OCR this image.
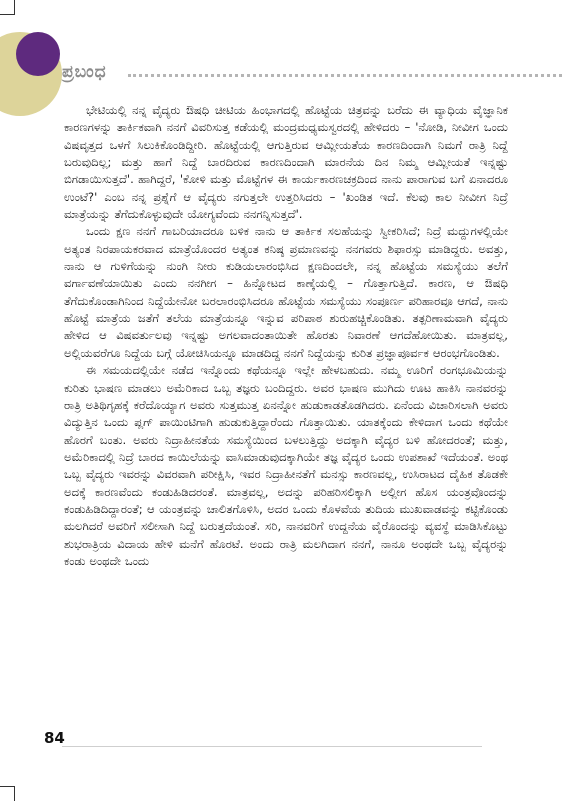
ಪ್ರಬಂಧ

ಭೇಟಿಯಲ್ಲಿ ನನ್ನ ವೈದ್ಯರು ಔಷಧಿ ಚೀಟಿಯ ಹಿಂಭಾಗದಲ್ಲಿ ಹೊಟ್ಟೆಯ ಚಿತ್ರವನ್ನು ಬರೆದು ಈ ವ್ಯಾಧಿಯ ವೈಜ್ಞಾನಿಕ ಕಾರಣಗಳನ್ನು ತಾರ್ಕಿಕವಾಗಿ ನನಗೆ ವಿವರಿಸುತ್ತ ಕಡೆಯಲ್ಲಿ ಮಂದ್ರಮಧ್ಯಮಸ್ವರದಲ್ಲಿ ಹೇಳಿದರು – 'ನೋಡಿ, ನೀವೀಗ ಒಂದು ವಿಷವೃತ್ತದ ಒಳಗೆ ಸಿಲುಕಿಕೊಂಡಿದ್ದೀರಿ. ಹೊಟ್ಟೆಯಲ್ಲಿ ಆಗುತ್ತಿರುವ ಆಮ್ಲೀಯತೆಯ ಕಾರಣದಿಂದಾಗಿ ನಿಮಗೆ ರಾತ್ರಿ ನಿದ್ದೆ ಬರುವುದಿಲ್ಲ; ಮತ್ತು ಹಾಗೆ ನಿದ್ದೆ ಬಾರದಿರುವ ಕಾರಣದಿಂದಾಗಿ ಮಾರನೆಯ ದಿನ ನಿಮ್ಮ ಆಮ್ಲೀಯತೆ ಇನ್ನಷ್ಟು ಬಿಗಡಾಯಿಸುತ್ತದೆ'. ಹಾಗಿದ್ದರೆ, 'ಕೋಳಿ ಮತ್ತು ಮೊಟ್ಟೆಗಳ ಈ ಕಾರ್ಯಕಾರಣಚಕ್ರದಿಂದ ನಾನು ಪಾರಾಗುವ ಬಗೆ ಏನಾದರೂ ಉಂಟೆ?' ಎಂಬ ನನ್ನ ಪ್ರಶ್ನೆಗೆ ಆ ವೈದ್ಯರು ನಗುತ್ತಲೇ ಉತ್ತರಿಸಿದರು – 'ಖಂಡಿತ ಇದೆ. ಕೆಲವು ಕಾಲ ನೀವೀಗ ನಿದ್ರೆ ಮಾತ್ರೆಯನ್ನು ತೆಗೆದುಕೊಳ್ಳುವುದೇ ಯೋಗ್ಯವೆಂದು ನನಗನ್ನಿಸುತ್ತದೆ'.

ಒಂದು ಕ್ಷಣ ನನಗೆ ಗಾಬರಿಯಾದರೂ ಬಳಿಕ ನಾನು ಆ ತಾರ್ಕಿಕ ಸಲಹೆಯನ್ನು ಸ್ವೀಕರಿಸಿದೆ; ನಿದ್ರೆ ಮದ್ದುಗಳಲ್ಲಿಯೇ ಅತ್ಯಂತ ನಿರಪಾಯಕರವಾದ ಮಾತ್ರೆಯೊಂದರ ಅತ್ಯಂತ ಕನಿಷ್ಠ ಪ್ರಮಾಣವನ್ನು ನನಗವರು ಶಿಫಾರಸ್ಸು ಮಾಡಿದ್ದರು. ಅವತ್ತು, ನಾನು ಆ ಗುಳಿಗೆಯನ್ನು ನುಂಗಿ ನೀರು ಕುಡಿಯಲಾರಂಭಿಸಿದ ಕ್ಷಣದಿಂದಲೇ, ನನ್ನ ಹೊಟ್ಟೆಯ ಸಮಸ್ಯೆಯು ತಲೆಗೆ ವರ್ಗಾವಣೆಯಾಯಿತು ಎಂದು ನನಗೀಗ – ಹಿನ್ನೋಟದ ಕಾಣ್ಕೆಯಲ್ಲಿ – ಗೊತ್ತಾಗುತ್ತಿದೆ. ಕಾರಣ, ಆ ಔಷಧಿ ತೆಗೆದುಕೊಂಡಾಗಿನಿಂದ ನಿದ್ದೆಯೇನೋ ಬರಲಾರಂಭಿಸಿದರೂ ಹೊಟ್ಟೆಯ ಸಮಸ್ಯೆಯು ಸಂಪೂರ್ಣ ಪರಿಹಾರವೂ ಆಗದೆ, ನಾನು ಹೊಟ್ಟೆ ಮಾತ್ರೆಯ ಜತೆಗೆ ತಲೆಯ ಮಾತ್ರೆಯನ್ನೂ ಇನ್ನುವ ಪರಿಪಾಠ ಶುರುಹಚ್ಚಿಕೊಂಡಿತು. ತತ್ಪರಿಣಾಮವಾಗಿ ವೈದ್ಯರು ಹೇಳಿದ ಆ ವಿಷವರ್ತುಲವು ಇನ್ನಷ್ಟು ಅಗಲವಾದಂತಾಯಿತೇ ಹೊರತು ನಿವಾರಣೆ ಆಗದೆಹೋಯಿತು. ಮಾತ್ರವಲ್ಲ, ಅಲ್ಲಿಯವರೆಗೂ ನಿದ್ದೆಯ ಬಗ್ಗೆ ಯೋಚಿಸಿಯನ್ನೂ ಮಾಡದಿದ್ದ ನನಗೆ ನಿದ್ದೆಯನ್ನು ಕುರಿತ ಪ್ರಜ್ಞಾಪೂರ್ವಕ ಆರಂಭಗೊಂಡಿತು.

ಈ ಸಮಯದಲ್ಲಿಯೇ ನಡೆದ ಇನ್ನೊಂದು ಕಥೆಯನ್ನೂ ಇಲ್ಲೇ ಹೇಳಬಹುದು. ನಮ್ಮ ಊರಿಗೆ ರಂಗಭೂಮಿಯನ್ನು ಕುರಿತು ಭಾಷಣ ಮಾಡಲು ಅಮೆರಿಕಾದ ಒಬ್ಬ ತಜ್ಞರು ಬಂದಿದ್ದರು. ಅವರ ಭಾಷಣ ಮುಗಿದು ಊಟ ಹಾಕಿಸಿ ನಾನವರನ್ನು ರಾತ್ರಿ ಅತಿಥಿಗೃಹಕ್ಕೆ ಕರೆದೊಯ್ಯಾಗ ಅವರು ಸುತ್ತಮುತ್ತ ಏನನ್ನೋ ಹುಡುಕಾಡತೊಡಗಿದರು. ಏನೆಂದು ವಿಚಾರಿಸಲಾಗಿ ಅವರು ವಿದ್ಯುತ್ತಿನ ಒಂದು ಪ್ಲಗ್ ಪಾಯಿಂಟಿಗಾಗಿ ಹುಡುಕುತ್ತಿದ್ದಾರೆಂದು ಗೊತ್ತಾಯಿತು. ಯಾತಕ್ಕೆಂದು ಕೇಳಿದಾಗ ಒಂದು ಕಥೆಯೇ ಹೊರಗೆ ಬಂತು. ಅವರು ನಿದ್ರಾಹೀನತೆಯ ಸಮಸ್ಯೆಯಿಂದ ಬಳಲುತ್ತಿದ್ದು ಅದಕ್ಕಾಗಿ ವೈದ್ಯರ ಬಳಿ ಹೋದರಂತೆ; ಮತ್ತು, ಅಮೆರಿಕಾದಲ್ಲಿ ನಿದ್ರೆ ಬಾರದ ಕಾಯಿಲೆಯನ್ನು ವಾಸಿಮಾಡುವುದಕ್ಕಾಗಿಯೇ ತಜ್ಞ ವೈದ್ಯರ ಒಂದು ಉಪಶಾಖೆ ಇದೆಯಂತೆ. ಅಂಥ ಒಬ್ಬ ವೈದ್ಯರು ಇವರನ್ನು ವಿವರವಾಗಿ ಪರೀಕ್ಷಿಸಿ, ಇವರ ನಿದ್ರಾಹೀನತೆಗೆ ಮನಸ್ಸು ಕಾರಣವಲ್ಲ, ಉಸಿರಾಟದ ದೈಹಿಕ ತೊಡಕೇ ಅದಕ್ಕೆ ಕಾರಣವೆಂದು ಕಂಡುಹಿಡಿದರಂತೆ. ಮಾತ್ರವಲ್ಲ, ಅದನ್ನು ಪರಿಹರಿಸಲಿಕ್ಕಾಗಿ ಅಲ್ಲೀಗ ಹೊಸ ಯಂತ್ರವೊಂದನ್ನು ಕಂಡುಹಿಡಿದಿದ್ದಾರಂತೆ; ಆ ಯಂತ್ರವನ್ನು ಚಾಲಿತಗೊಳಿಸಿ, ಅದರ ಒಂದು ಕೊಳವೆಯ ತುದಿಯ ಮುಖವಾಡವನ್ನು ಕಟ್ಟಿಕೊಂಡು ಮಲಗಿದರೆ ಅವರಿಗೆ ಸಲೀಸಾಗಿ ನಿದ್ದೆ ಬರುತ್ತದೆಯಂತೆ. ಸರಿ, ನಾನವರಿಗೆ ಉದ್ದನೆಯ ವೈರೊಂದನ್ನು ವ್ಯವಸ್ಥೆ ಮಾಡಿಸಿಕೊಟ್ಟು ಶುಭರಾತ್ರಿಯ ವಿದಾಯ ಹೇಳಿ ಮನೆಗೆ ಹೊರಟೆ. ಅಂದು ರಾತ್ರಿ ಮಲಗಿದಾಗ ನನಗೆ, ನಾನೂ ಅಂಥದೇ ಒಬ್ಬ ವೈದ್ಯರನ್ನು ಕಂಡು ಅಂಥದೇ ಒಂದು

84
